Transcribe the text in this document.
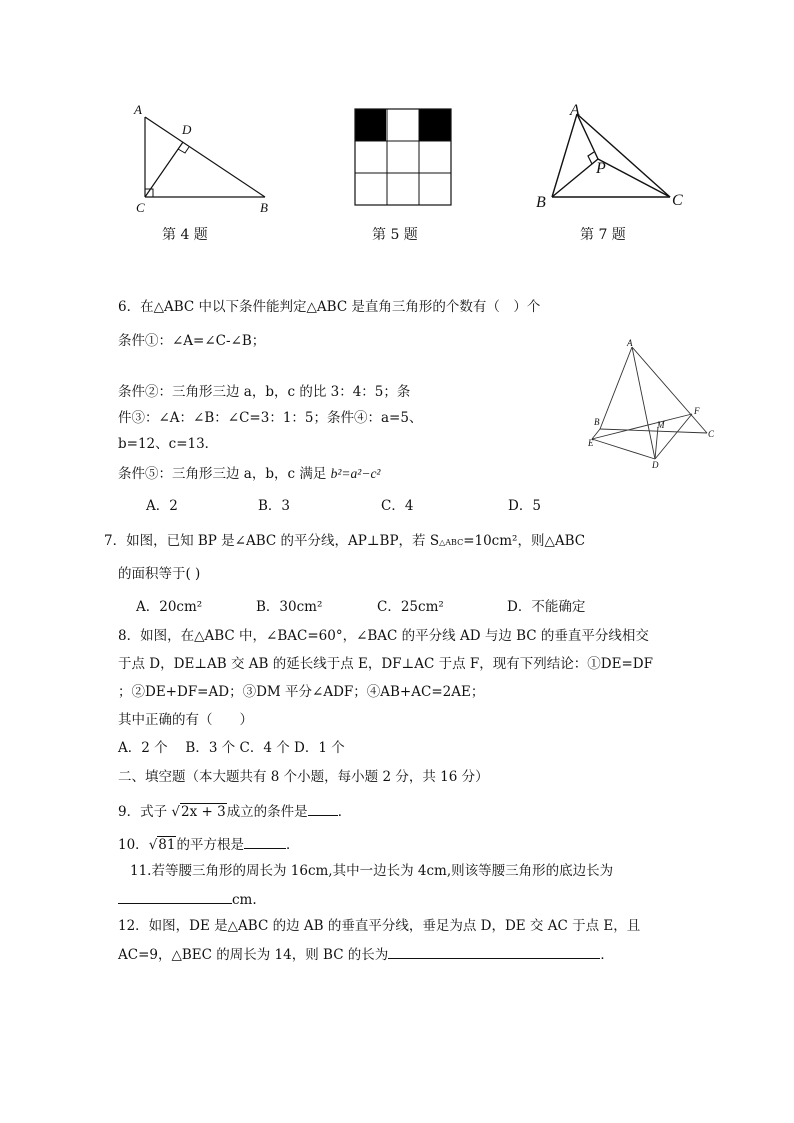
A
D
C	B
第 4 题	第 5 题
A
P
B	C
第 7 题
6．在△ABC 中以下条件能判定△ABC 是直角三角形的个数有（　）个
条件①：∠A=∠C-∠B；
条件②：三角形三边 a，b，c 的比 3：4：5；条
件③：∠A：∠B：∠C=3：1：5；条件④：a=5、
b=12、c=13．
条件⑤：三角形三边 a，b，c 满足 b²=a²−c²
A．2	B．3	C．4	D．5
A
B
C
D
E
F
M
7．如图，已知 BP 是∠ABC 的平分线，AP⊥BP，若 S△ABC=10cm²，则△ABC
的面积等于( )
A．20cm²	B．30cm²	C．25cm²	D．不能确定
8．如图，在△ABC 中，∠BAC=60°，∠BAC 的平分线 AD 与边 BC 的垂直平分线相交
于点 D，DE⊥AB 交 AB 的延长线于点 E，DF⊥AC 于点 F，现有下列结论：①DE=DF
；②DE+DF=AD；③DM 平分∠ADF；④AB+AC=2AE；
其中正确的有（　　）
A．2 个　 B．3 个 C．4 个 D．1 个
二、填空题（本大题共有 8 个小题，每小题 2 分，共 16 分）
9．式子 √2x + 3成立的条件是 ．
10．√81的平方根是	．
11.若等腰三角形的周长为 16cm,其中一边长为 4cm,则该等腰三角形的底边长为
cm.
12．如图，DE 是△ABC 的边 AB 的垂直平分线，垂足为点 D，DE 交 AC 于点 E，且
AC=9，△BEC 的周长为 14，则 BC 的长为	．
